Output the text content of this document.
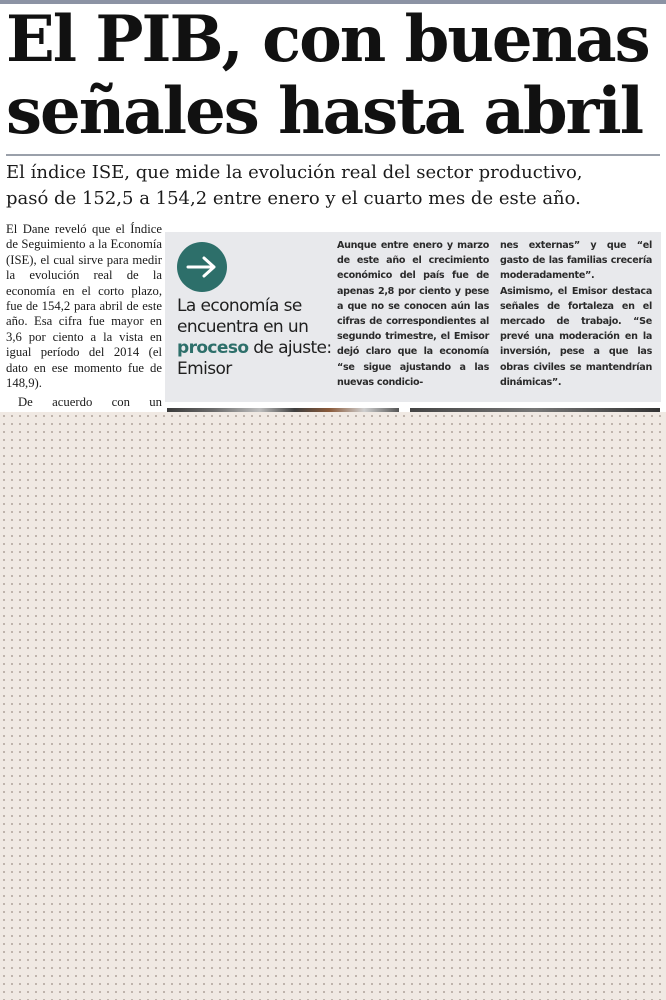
El PIB, con buenas
señales hasta abril

El índice ISE, que mide la evolución real del sector productivo,
pasó de 152,5 a 154,2 entre enero y el cuarto mes de este año.

El Dane reveló que el Índice de Seguimiento a la Economía (ISE), el cual sirve para medir la evolución real de la economía en el corto plazo, fue de 154,2 para abril de este año. Esa cifra fue mayor en 3,6 por ciento a la vista en igual período del 2014 (el dato en ese momento fue de 148,9).

De acuerdo con un

La economía se encuentra en un proceso de ajuste: Emisor

Aunque entre enero y marzo de este año el crecimiento económico del país fue de apenas 2,8 por ciento y pese a que no se conocen aún las cifras de correspondientes al segundo trimestre, el Emisor dejó claro que la economía “se sigue ajustando a las nuevas condicio-

nes externas” y que “el gasto de las familias crecería moderadamente”.

Asimismo, el Emisor destaca señales de fortaleza en el mercado de trabajo. “Se prevé una moderación en la inversión, pese a que las obras civiles se mantendrían dinámicas”.
